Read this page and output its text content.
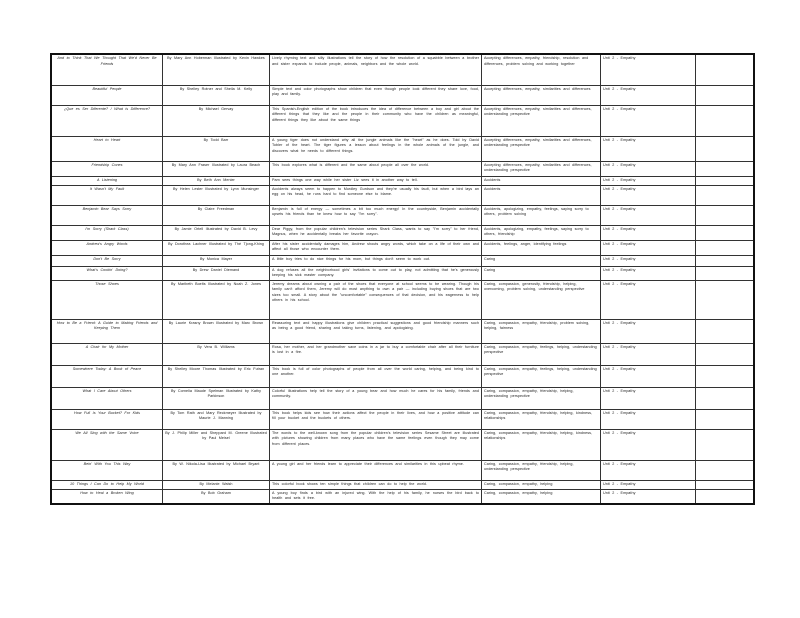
And to Think That We Thought That We'd Never Be Friends	By Mary Ann Hoberman Illustrated by Kevin Hawkes	Lively rhyming text and silly illustrations tell the story of how the resolution of a squabble between a brother and sister expands to include people, animals, neighbors and the whole world.	Accepting differences, empathy, friendship, resolution and differences, problem solving and working together	Unit 2 - Empathy	
Beautiful People	By Shelley Rotner and Sheila M. Kelly	Simple text and color photographs show children that even though people look different they share love, food, play and family.	Accepting differences, empathy, similarities and differences	Unit 2 - Empathy	
¿Que es Ser Diferente? / What is Difference?	By Michael Gervay	This Spanish-English edition of the book introduces the idea of difference between a boy and girl about the different things that they like and the people in their community who have the children as meaningful, different things they like about the same things	Accepting differences, empathy, similarities and differences, understanding perspective	Unit 2 - Empathy	
Heart to Heart	By Todd Barr	A young tiger does not understand why all the jungle animals like the "heart" as he does. Told by David Tobler of the heart. The tiger figures a lesson about feelings in the whole animals of the jungle, and discovers what he needs to different things.	Accepting differences, empathy, similarities and differences, understanding perspective	Unit 2 - Empathy	
Friendship Cones	By Mary Ann Fraser Illustrated by Laura Beach	This book explores what is different and the same about people all over the world.	Accepting differences, empathy, similarities and differences, understanding perspective	Unit 2 - Empathy	
A Listening	By Beth Ann Menier	Pam sees things one way while her sister Liz sees it in another way to tell.	Accidents	Unit 2 - Empathy	
It Wasn't My Fault	By Helen Lester Illustrated by Lynn Munsinger	Accidents always seem to happen to Murdley Gurdson and they're usually his fault, but when a bird lays an egg on his head, he runs hard to find someone else to blame.	Accidents	Unit 2 - Empathy	
Benjamin Bear Says Sorry	By Claire Freedman	Benjamin is full of energy — sometimes a bit too much energy! In the countryside, Benjamin accidentally upsets his friends than he knew how to say "I'm sorry".	Accidents, apologizing, empathy, feelings, saying sorry to others, problem solving	Unit 2 - Empathy	
I'm Sorry (Shark Class)	By Jamie Ortell Illustrated by David B. Levy	Dear Piggy, from the popular children's television series Shark Class, wants to say "I'm sorry" to her friend, Magnus, when he accidentally breaks her favorite crayon.	Accidents, apologizing, empathy, feelings, saying sorry to others, friendship	Unit 2 - Empathy	
Andrew's Angry Words	By Dorothea Lachner Illustrated by Thé Tjong-Khing	After his sister accidentally damages him, Andrew shouts angry words, which take on a life of their own and affect all those who encounter them.	Accidents, feelings, anger, identifying feelings	Unit 2 - Empathy	
Don't Be Sorry	By Monica Mayer	A little boy tries to do nice things for his mom, but things don't seem to work out.	Caring	Unit 2 - Empathy	
What's Cookin' Doing?	By Drew Daniel Diemand	A dog refuses all the neighborhood girls' invitations to come out to play, not admitting that he's generously keeping his sick master company.	Caring	Unit 2 - Empathy	
Those Shoes	By Maribeth Boelts Illustrated by Noah Z. Jones	Jeremy dreams about owning a pair of the shoes that everyone at school seems to be wearing. Though his family can't afford them, Jeremy will do most anything to own a pair — including buying shoes that are two sizes too small. A story about the "uncomfortable" consequences of that decision, and his eagerness to help others in his school.	Caring, compassion, generosity, friendship, helping, overcoming, problem solving, understanding perspective	Unit 2 - Empathy	
How to Be a Friend: A Guide to Making Friends and Keeping Them	By Laurie Krasny Brown Illustrated by Marc Brown	Reassuring text and happy illustrations give children practical suggestions and good friendship manners such as being a good friend, sharing and taking turns, listening, and apologizing.	Caring, compassion, empathy, friendship, problem solving, helping, fairness	Unit 2 - Empathy	
A Chair for My Mother	By Vera B. Williams	Rosa, her mother, and her grandmother save coins in a jar to buy a comfortable chair after all their furniture is lost in a fire.	Caring, compassion, empathy, feelings, helping, understanding perspective	Unit 2 - Empathy	
Somewhere Today: A Book of Peace	By Shelley Moore Thomas Illustrated by Eric Futran	This book is full of color photographs of people from all over the world caring, helping, and being kind to one another.	Caring, compassion, empathy, feelings, helping, understanding perspective	Unit 2 - Empathy	
What I Care About Others	By Cornelia Maude Spelman Illustrated by Kathy Parkinson	Colorful illustrations help tell the story of a young bear and how much he cares for his family, friends and community.	Caring, compassion, empathy, friendship, helping, understanding perspective	Unit 2 - Empathy	
How Full Is Your Bucket? For Kids	By Tom Rath and Mary Reckmeyer Illustrated by Maurie J. Manning	This book helps kids see how their actions affect the people in their lives, and how a positive attitude can fill your bucket and the buckets of others.	Caring, compassion, empathy, friendship, helping, kindness, relationships	Unit 2 - Empathy	
We All Sing with the Same Voice	By J. Philip Miller and Sheppard M. Greene Illustrated by Paul Meisel	The words to the well-known song from the popular children's television series Sesame Street are illustrated with pictures showing children from many places who have the same feelings even though they may come from different places.	Caring, compassion, empathy, friendship, helping, kindness, relationships	Unit 2 - Empathy	
Bein' With You This Way	By W. Nikola-Lisa Illustrated by Michael Bryant	A young girl and her friends learn to appreciate their differences and similarities in this upbeat rhyme.	Caring, compassion, empathy, friendship, helping, understanding perspective	Unit 2 - Empathy	
10 Things I Can Do to Help My World	By Melanie Walsh	This colorful book shows ten simple things that children can do to help the world.	Caring, compassion, empathy, helping	Unit 2 - Empathy	
How to Heal a Broken Wing	By Bob Graham	A young boy finds a bird with an injured wing. With the help of his family, he nurses the bird back to health and sets it free.	Caring, compassion, empathy, helping	Unit 2 - Empathy	
